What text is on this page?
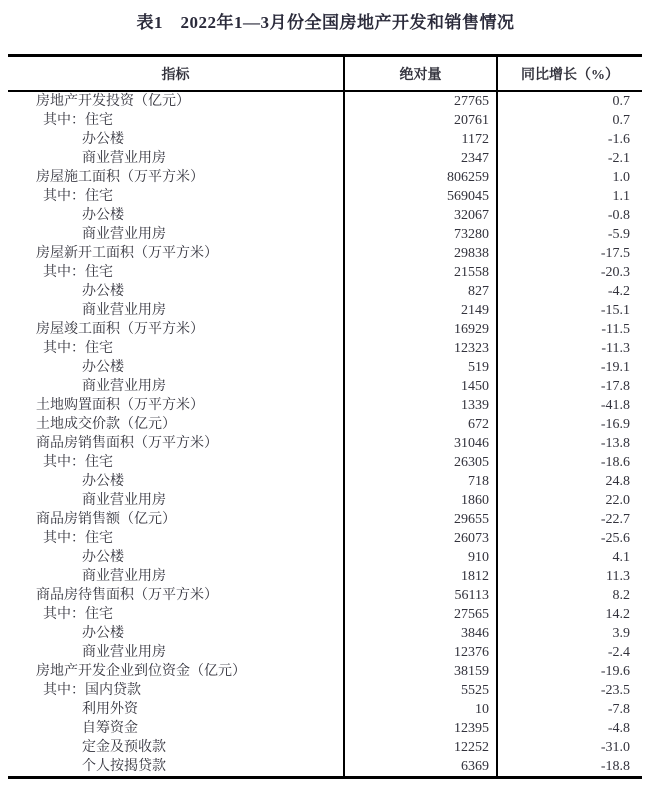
表1　2022年1—3月份全国房地产开发和销售情况
指标	绝对量	同比增长（%）
房地产开发投资（亿元）	27765	0.7
其中：住宅	20761	0.7
办公楼	1172	-1.6
商业营业用房	2347	-2.1
房屋施工面积（万平方米）	806259	1.0
其中：住宅	569045	1.1
办公楼	32067	-0.8
商业营业用房	73280	-5.9
房屋新开工面积（万平方米）	29838	-17.5
其中：住宅	21558	-20.3
办公楼	827	-4.2
商业营业用房	2149	-15.1
房屋竣工面积（万平方米）	16929	-11.5
其中：住宅	12323	-11.3
办公楼	519	-19.1
商业营业用房	1450	-17.8
土地购置面积（万平方米）	1339	-41.8
土地成交价款（亿元）	672	-16.9
商品房销售面积（万平方米）	31046	-13.8
其中：住宅	26305	-18.6
办公楼	718	24.8
商业营业用房	1860	22.0
商品房销售额（亿元）	29655	-22.7
其中：住宅	26073	-25.6
办公楼	910	4.1
商业营业用房	1812	11.3
商品房待售面积（万平方米）	56113	8.2
其中：住宅	27565	14.2
办公楼	3846	3.9
商业营业用房	12376	-2.4
房地产开发企业到位资金（亿元）	38159	-19.6
其中：国内贷款	5525	-23.5
利用外资	10	-7.8
自筹资金	12395	-4.8
定金及预收款	12252	-31.0
个人按揭贷款	6369	-18.8
